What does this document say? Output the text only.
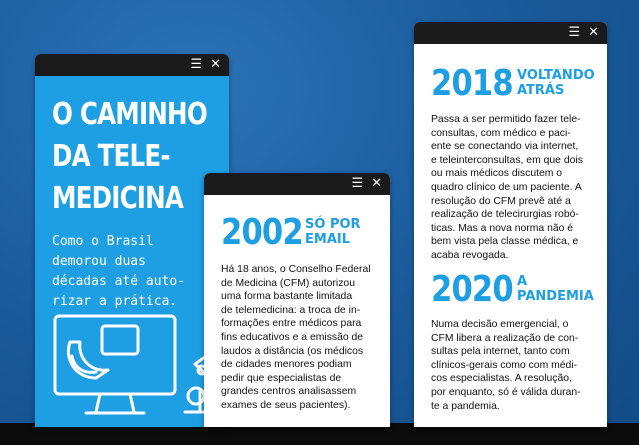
☰ ✕
O CAMINHO
DA TELE-
MEDICINA
Como o Brasil
demorou duas
décadas até auto-
rizar a prática.
☰ ✕
2002 SÓ POR
EMAIL
Há 18 anos, o Conselho Federal
de Medicina (CFM) autorizou
uma forma bastante limitada
de telemedicina: a troca de in-
formações entre médicos para
fins educativos e a emissão de
laudos a distância (os médicos
de cidades menores podiam
pedir que especialistas de
grandes centros analisassem
exames de seus pacientes).
☰ ✕
2018 VOLTANDO
ATRÁS
Passa a ser permitido fazer tele-
consultas, com médico e paci-
ente se conectando via internet,
e teleinterconsultas, em que dois
ou mais médicos discutem o
quadro clínico de um paciente. A
resolução do CFM prevê até a
realização de telecirurgias robó-
ticas. Mas a nova norma não é
bem vista pela classe médica, e
acaba revogada.
2020 A
PANDEMIA
Numa decisão emergencial, o
CFM libera a realização de con-
sultas pela internet, tanto com
clínicos-gerais como com médi-
cos especialistas. A resolução,
por enquanto, só é válida duran-
te a pandemia.
